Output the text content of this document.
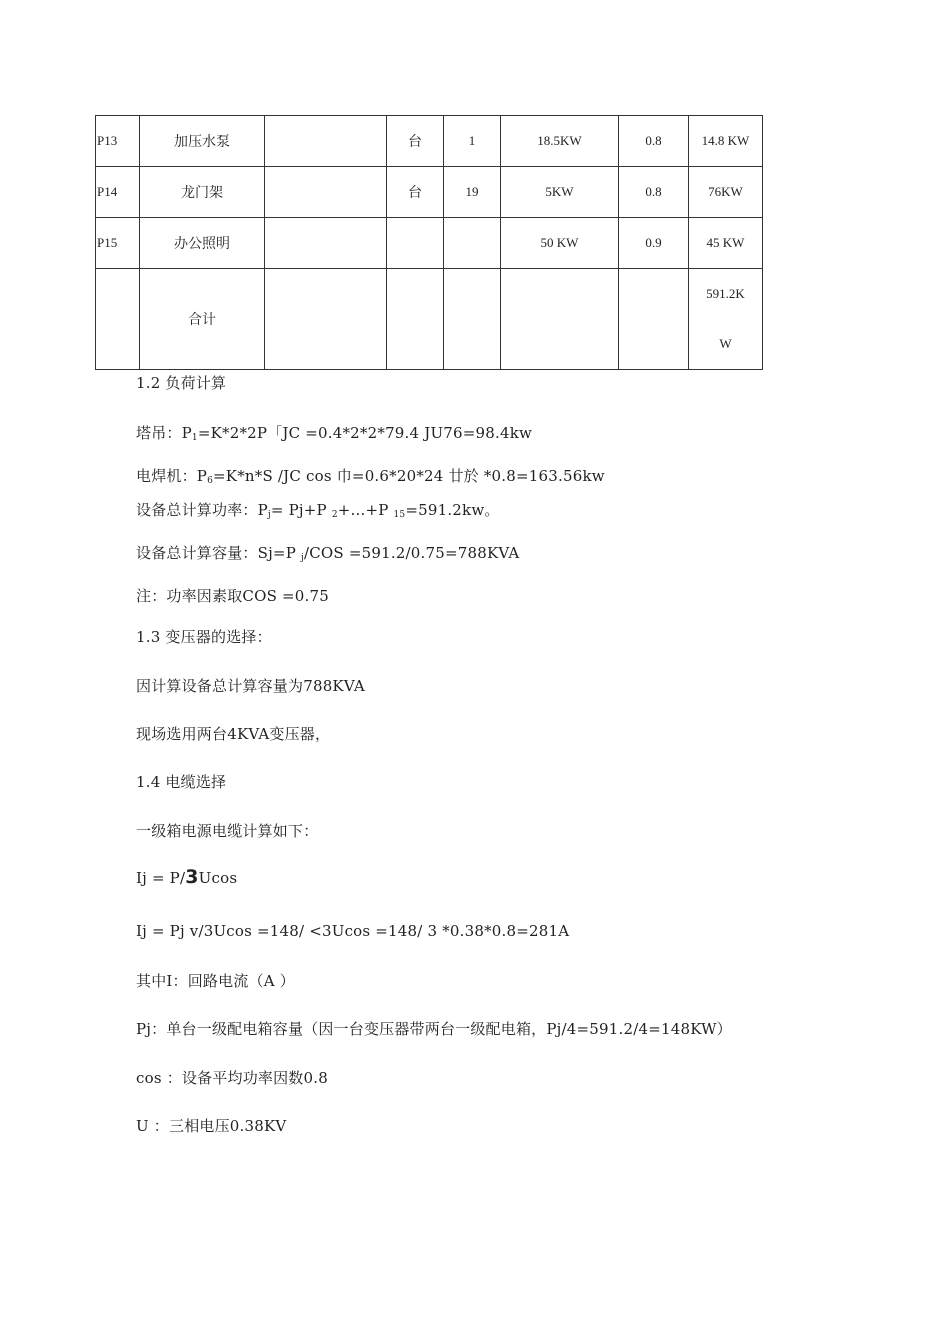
P13	加压水泵		台	1	18.5KW	0.8	14.8 KW
P14	龙门架		台	19	5KW	0.8	76KW
P15	办公照明				50 KW	0.9	45 KW
	合计						591.2K
W
1.2 负荷计算
塔吊：$P_1=K*2*2P$「JC =0.4*2*2*79.4 JU76=98.4kw
电焊机：$P_6=K*n*S$ /JC cos 巾=0.6*20*24 廿於 *0.8=163.56kw
设备总计算功率：$P_j= Pj+P$ $_2$+...+P $_{15}$=591.2kw。
设备总计算容量：Sj=P $_j$/COS =591.2/0.75=788KVA
注：功率因素取COS =0.75
1.3 变压器的选择：
因计算设备总计算容量为788KVA
现场选用两台4KVA变压器，
1.4 电缆选择
一级箱电源电缆计算如下：
Ij = P/3Ucos
Ij = Pj v/3Ucos =148/ <3Ucos =148/ 3 *0.38*0.8=281A
其中I：回路电流（A ）
Pj：单台一级配电箱容量（因一台变压器带两台一级配电箱，Pj/4=591.2/4=148KW）
cos ：设备平均功率因数0.8
U ：三相电压0.38KV
